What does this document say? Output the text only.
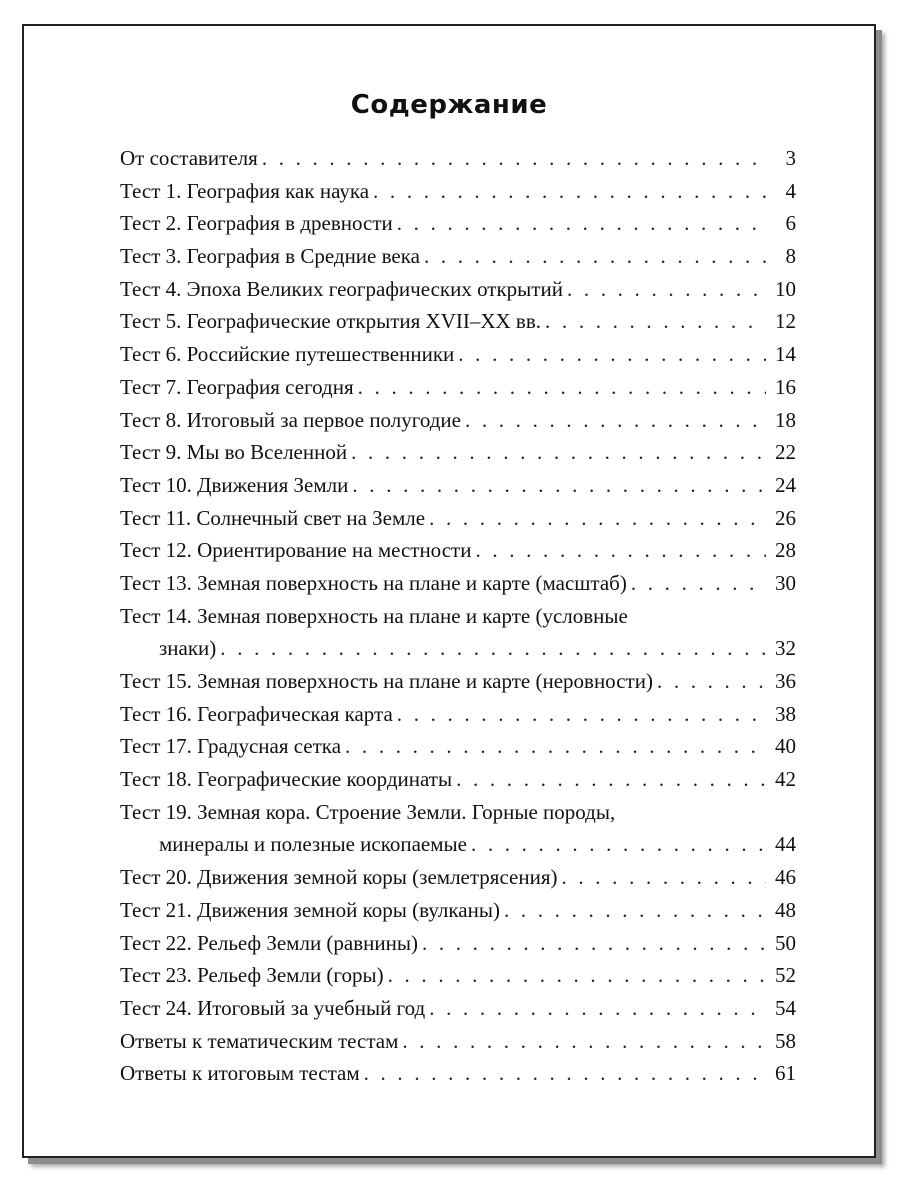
Содержание
От составителя . . .	3
Тест 1. География как наука . . .	4
Тест 2. География в древности . . .	6
Тест 3. География в Средние века . . .	8
Тест 4. Эпоха Великих географических открытий . . .	10
Тест 5. Географические открытия XVII–XX вв. . . .	12
Тест 6. Российские путешественники . . .	14
Тест 7. География сегодня . . .	16
Тест 8. Итоговый за первое полугодие . . .	18
Тест 9. Мы во Вселенной . . .	22
Тест 10. Движения Земли . . .	24
Тест 11. Солнечный свет на Земле . . .	26
Тест 12. Ориентирование на местности . . .	28
Тест 13. Земная поверхность на плане и карте (масштаб) . . .	30
Тест 14. Земная поверхность на плане и карте (условные
знаки) . . .	32
Тест 15. Земная поверхность на плане и карте (неровности) . . .	36
Тест 16. Географическая карта . . .	38
Тест 17. Градусная сетка . . .	40
Тест 18. Географические координаты . . .	42
Тест 19. Земная кора. Строение Земли. Горные породы,
минералы и полезные ископаемые . . .	44
Тест 20. Движения земной коры (землетрясения) . . .	46
Тест 21. Движения земной коры (вулканы) . . .	48
Тест 22. Рельеф Земли (равнины) . . .	50
Тест 23. Рельеф Земли (горы) . . .	52
Тест 24. Итоговый за учебный год . . .	54
Ответы к тематическим тестам . . .	58
Ответы к итоговым тестам . . .	61
